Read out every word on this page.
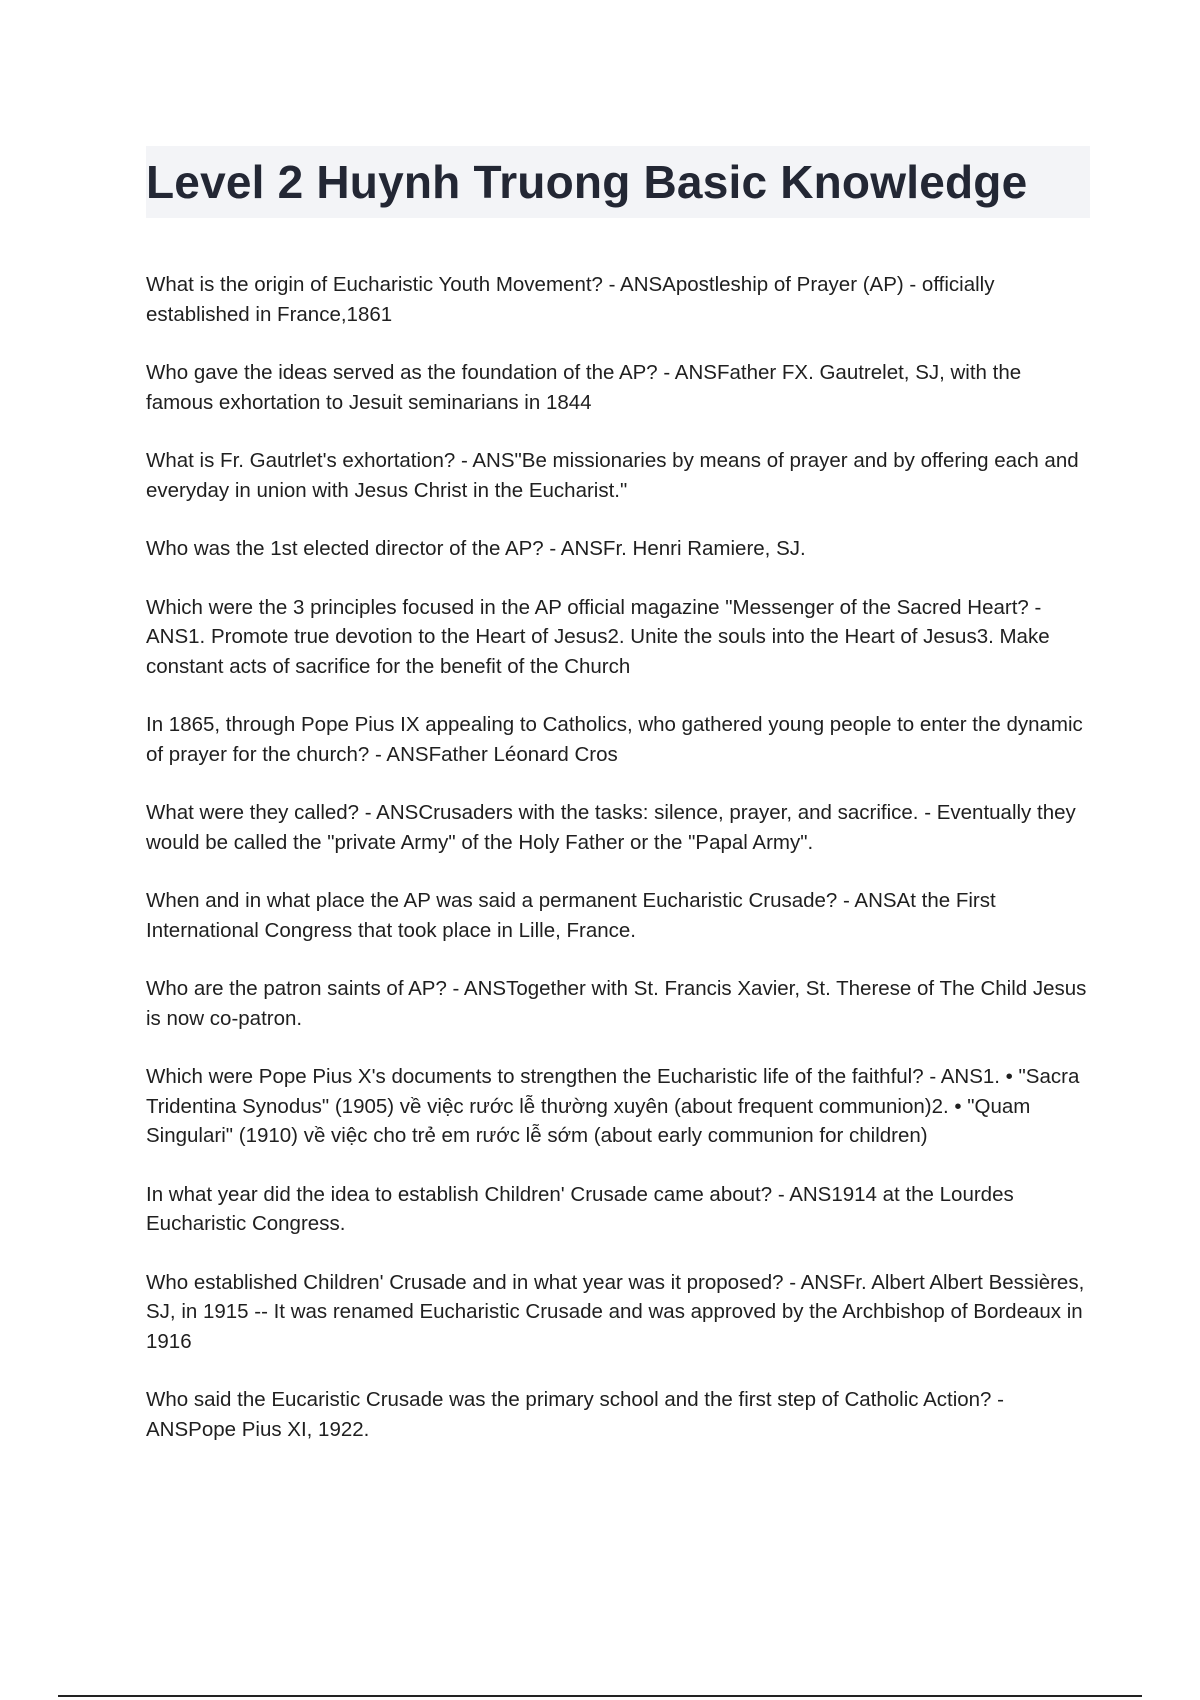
Level 2 Huynh Truong Basic Knowledge
What is the origin of Eucharistic Youth Movement? - ANSApostleship of Prayer (AP) - officially established in France,1861
Who gave the ideas served as the foundation of the AP? - ANSFather FX. Gautrelet, SJ, with the famous exhortation to Jesuit seminarians in 1844
What is Fr. Gautrlet's exhortation? - ANS"Be missionaries by means of prayer and by offering each and everyday in union with Jesus Christ in the Eucharist."
Who was the 1st elected director of the AP? - ANSFr. Henri Ramiere, SJ.
Which were the 3 principles focused in the AP official magazine "Messenger of the Sacred Heart? - ANS1. Promote true devotion to the Heart of Jesus2. Unite the souls into the Heart of Jesus3. Make constant acts of sacrifice for the benefit of the Church
In 1865, through Pope Pius IX appealing to Catholics, who gathered young people to enter the dynamic of prayer for the church? - ANSFather Léonard Cros
What were they called? - ANSCrusaders with the tasks: silence, prayer, and sacrifice. - Eventually they would be called the "private Army" of the Holy Father or the "Papal Army".
When and in what place the AP was said a permanent Eucharistic Crusade? - ANSAt the First International Congress that took place in Lille, France.
Who are the patron saints of AP? - ANSTogether with St. Francis Xavier, St. Therese of The Child Jesus is now co-patron.
Which were Pope Pius X's documents to strengthen the Eucharistic life of the faithful? - ANS1. • "Sacra Tridentina Synodus" (1905) về việc rước lễ thường xuyên (about frequent communion)2. • "Quam Singulari" (1910) về việc cho trẻ em rước lễ sớm (about early communion for children)
In what year did the idea to establish Children' Crusade came about? - ANS1914 at the Lourdes Eucharistic Congress.
Who established Children' Crusade and in what year was it proposed? - ANSFr. Albert Albert Bessières, SJ, in 1915 -- It was renamed Eucharistic Crusade and was approved by the Archbishop of Bordeaux in 1916
Who said the Eucaristic Crusade was the primary school and the first step of Catholic Action? - ANSPope Pius XI, 1922.
